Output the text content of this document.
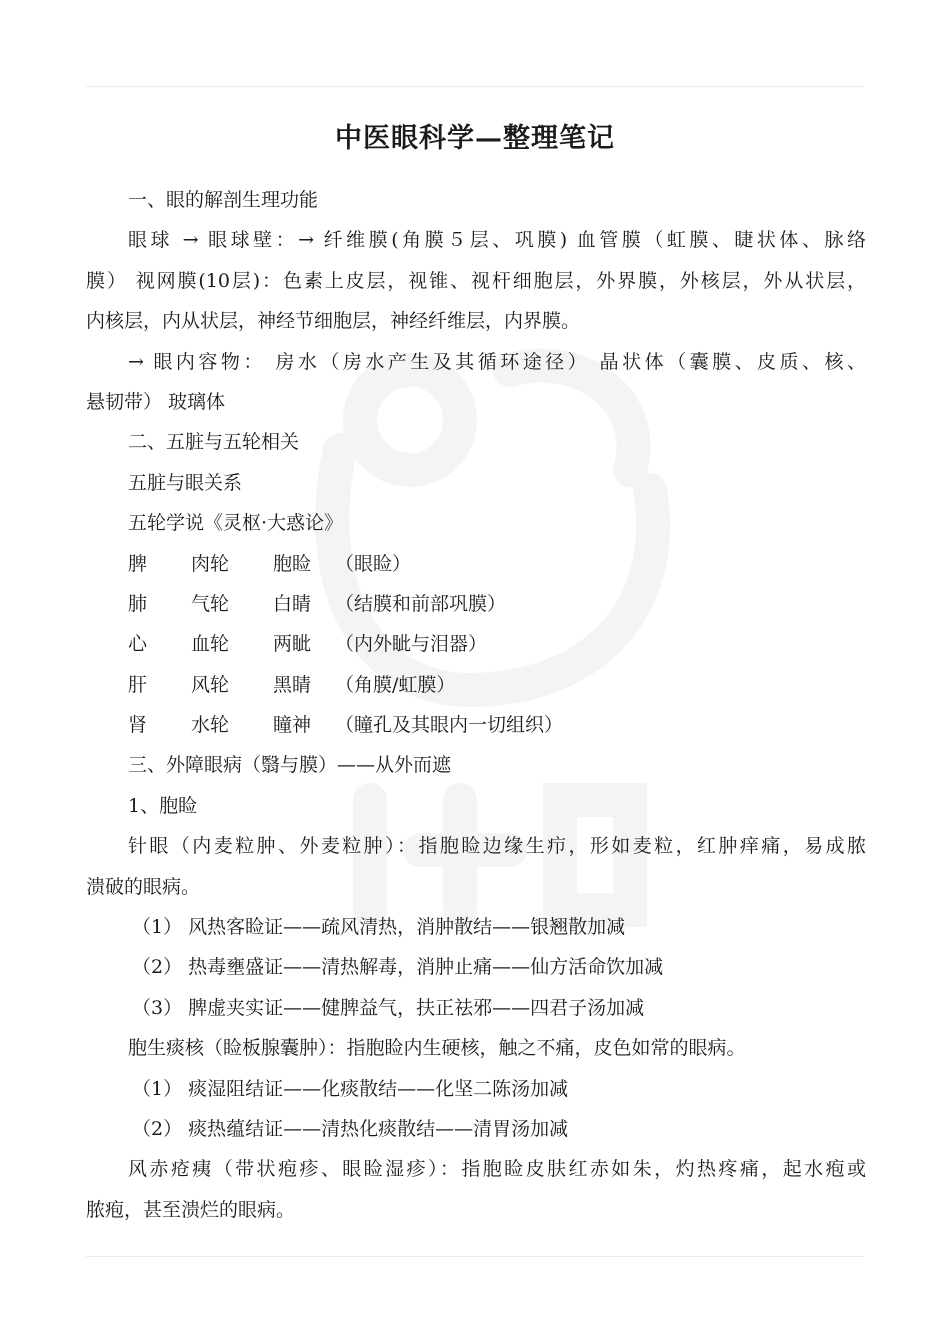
中医眼科学—整理笔记
一、眼的解剖生理功能
眼球 → 眼球壁：→ 纤维膜(角膜５层、巩膜) 血管膜（虹膜、睫状体、脉络
膜） 视网膜(10层)：色素上皮层，视锥、视杆细胞层，外界膜，外核层，外从状层，
内核层，内从状层，神经节细胞层，神经纤维层，内界膜。
→ 眼内容物： 房水（房水产生及其循环途径） 晶状体（囊膜、皮质、核、
悬韧带） 玻璃体
二、五脏与五轮相关
五脏与眼关系
五轮学说《灵枢·大惑论》
脾	肉轮	胞睑	（眼睑）
肺	气轮	白睛	（结膜和前部巩膜）
心	血轮	两眦	（内外眦与泪器）
肝	风轮	黑睛	（角膜/虹膜）
肾	水轮	瞳神	（瞳孔及其眼内一切组织）
三、外障眼病（翳与膜）——从外而遮
1、胞睑
针眼（内麦粒肿、外麦粒肿）：指胞睑边缘生疖，形如麦粒，红肿痒痛，易成脓
溃破的眼病。
（1） 风热客睑证——疏风清热，消肿散结——银翘散加减
（2） 热毒壅盛证——清热解毒，消肿止痛——仙方活命饮加减
（3） 脾虚夹实证——健脾益气，扶正祛邪——四君子汤加减
胞生痰核（睑板腺囊肿）：指胞睑内生硬核，触之不痛，皮色如常的眼病。
（1） 痰湿阻结证——化痰散结——化坚二陈汤加减
（2） 痰热蕴结证——清热化痰散结——清胃汤加减
风赤疮痍（带状疱疹、眼睑湿疹）：指胞睑皮肤红赤如朱，灼热疼痛，起水疱或
脓疱，甚至溃烂的眼病。
